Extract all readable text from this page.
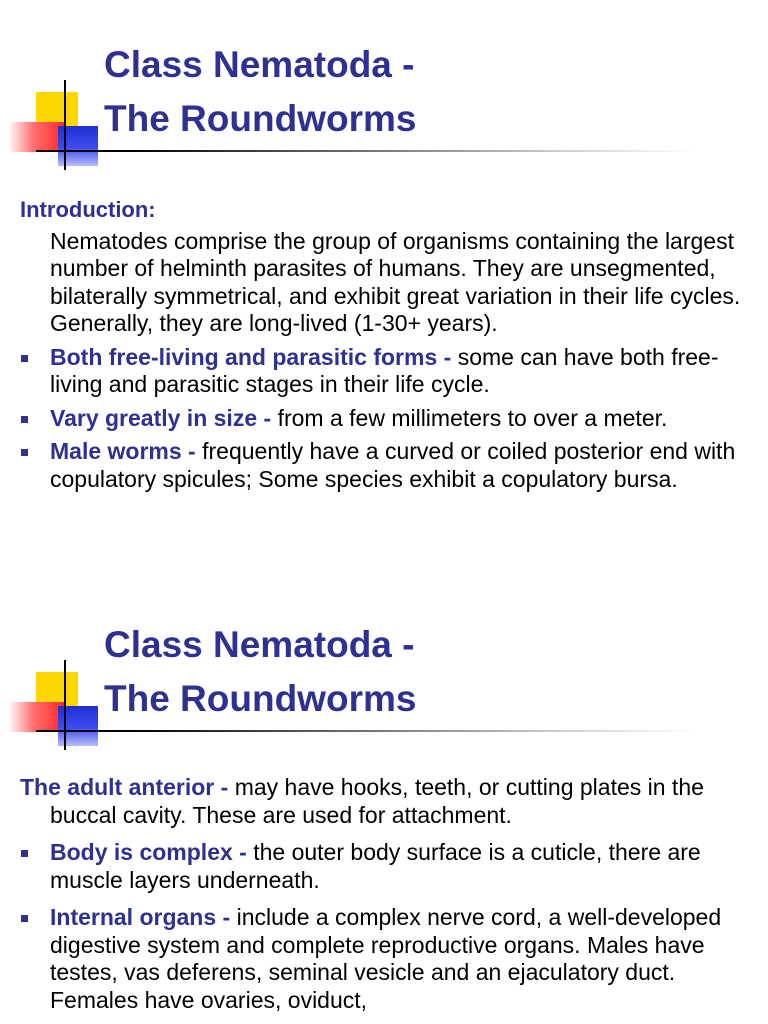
Class Nematoda -
The Roundworms

Introduction:

Nematodes comprise the group of organisms containing the largest number of helminth parasites of humans. They are unsegmented, bilaterally symmetrical, and exhibit great variation in their life cycles. Generally, they are long-lived (1-30+ years).

Both free-living and parasitic forms - some can have both free-living and parasitic stages in their life cycle.
Vary greatly in size - from a few millimeters to over a meter.
Male worms - frequently have a curved or coiled posterior end with copulatory spicules; Some species exhibit a copulatory bursa.
Class Nematoda -
The Roundworms

The adult anterior - may have hooks, teeth, or cutting plates in the buccal cavity. These are used for attachment.

Body is complex - the outer body surface is a cuticle, there are muscle layers underneath.
Internal organs - include a complex nerve cord, a well-developed digestive system and complete reproductive organs. Males have testes, vas deferens, seminal vesicle and an ejaculatory duct. Females have ovaries, oviduct,
